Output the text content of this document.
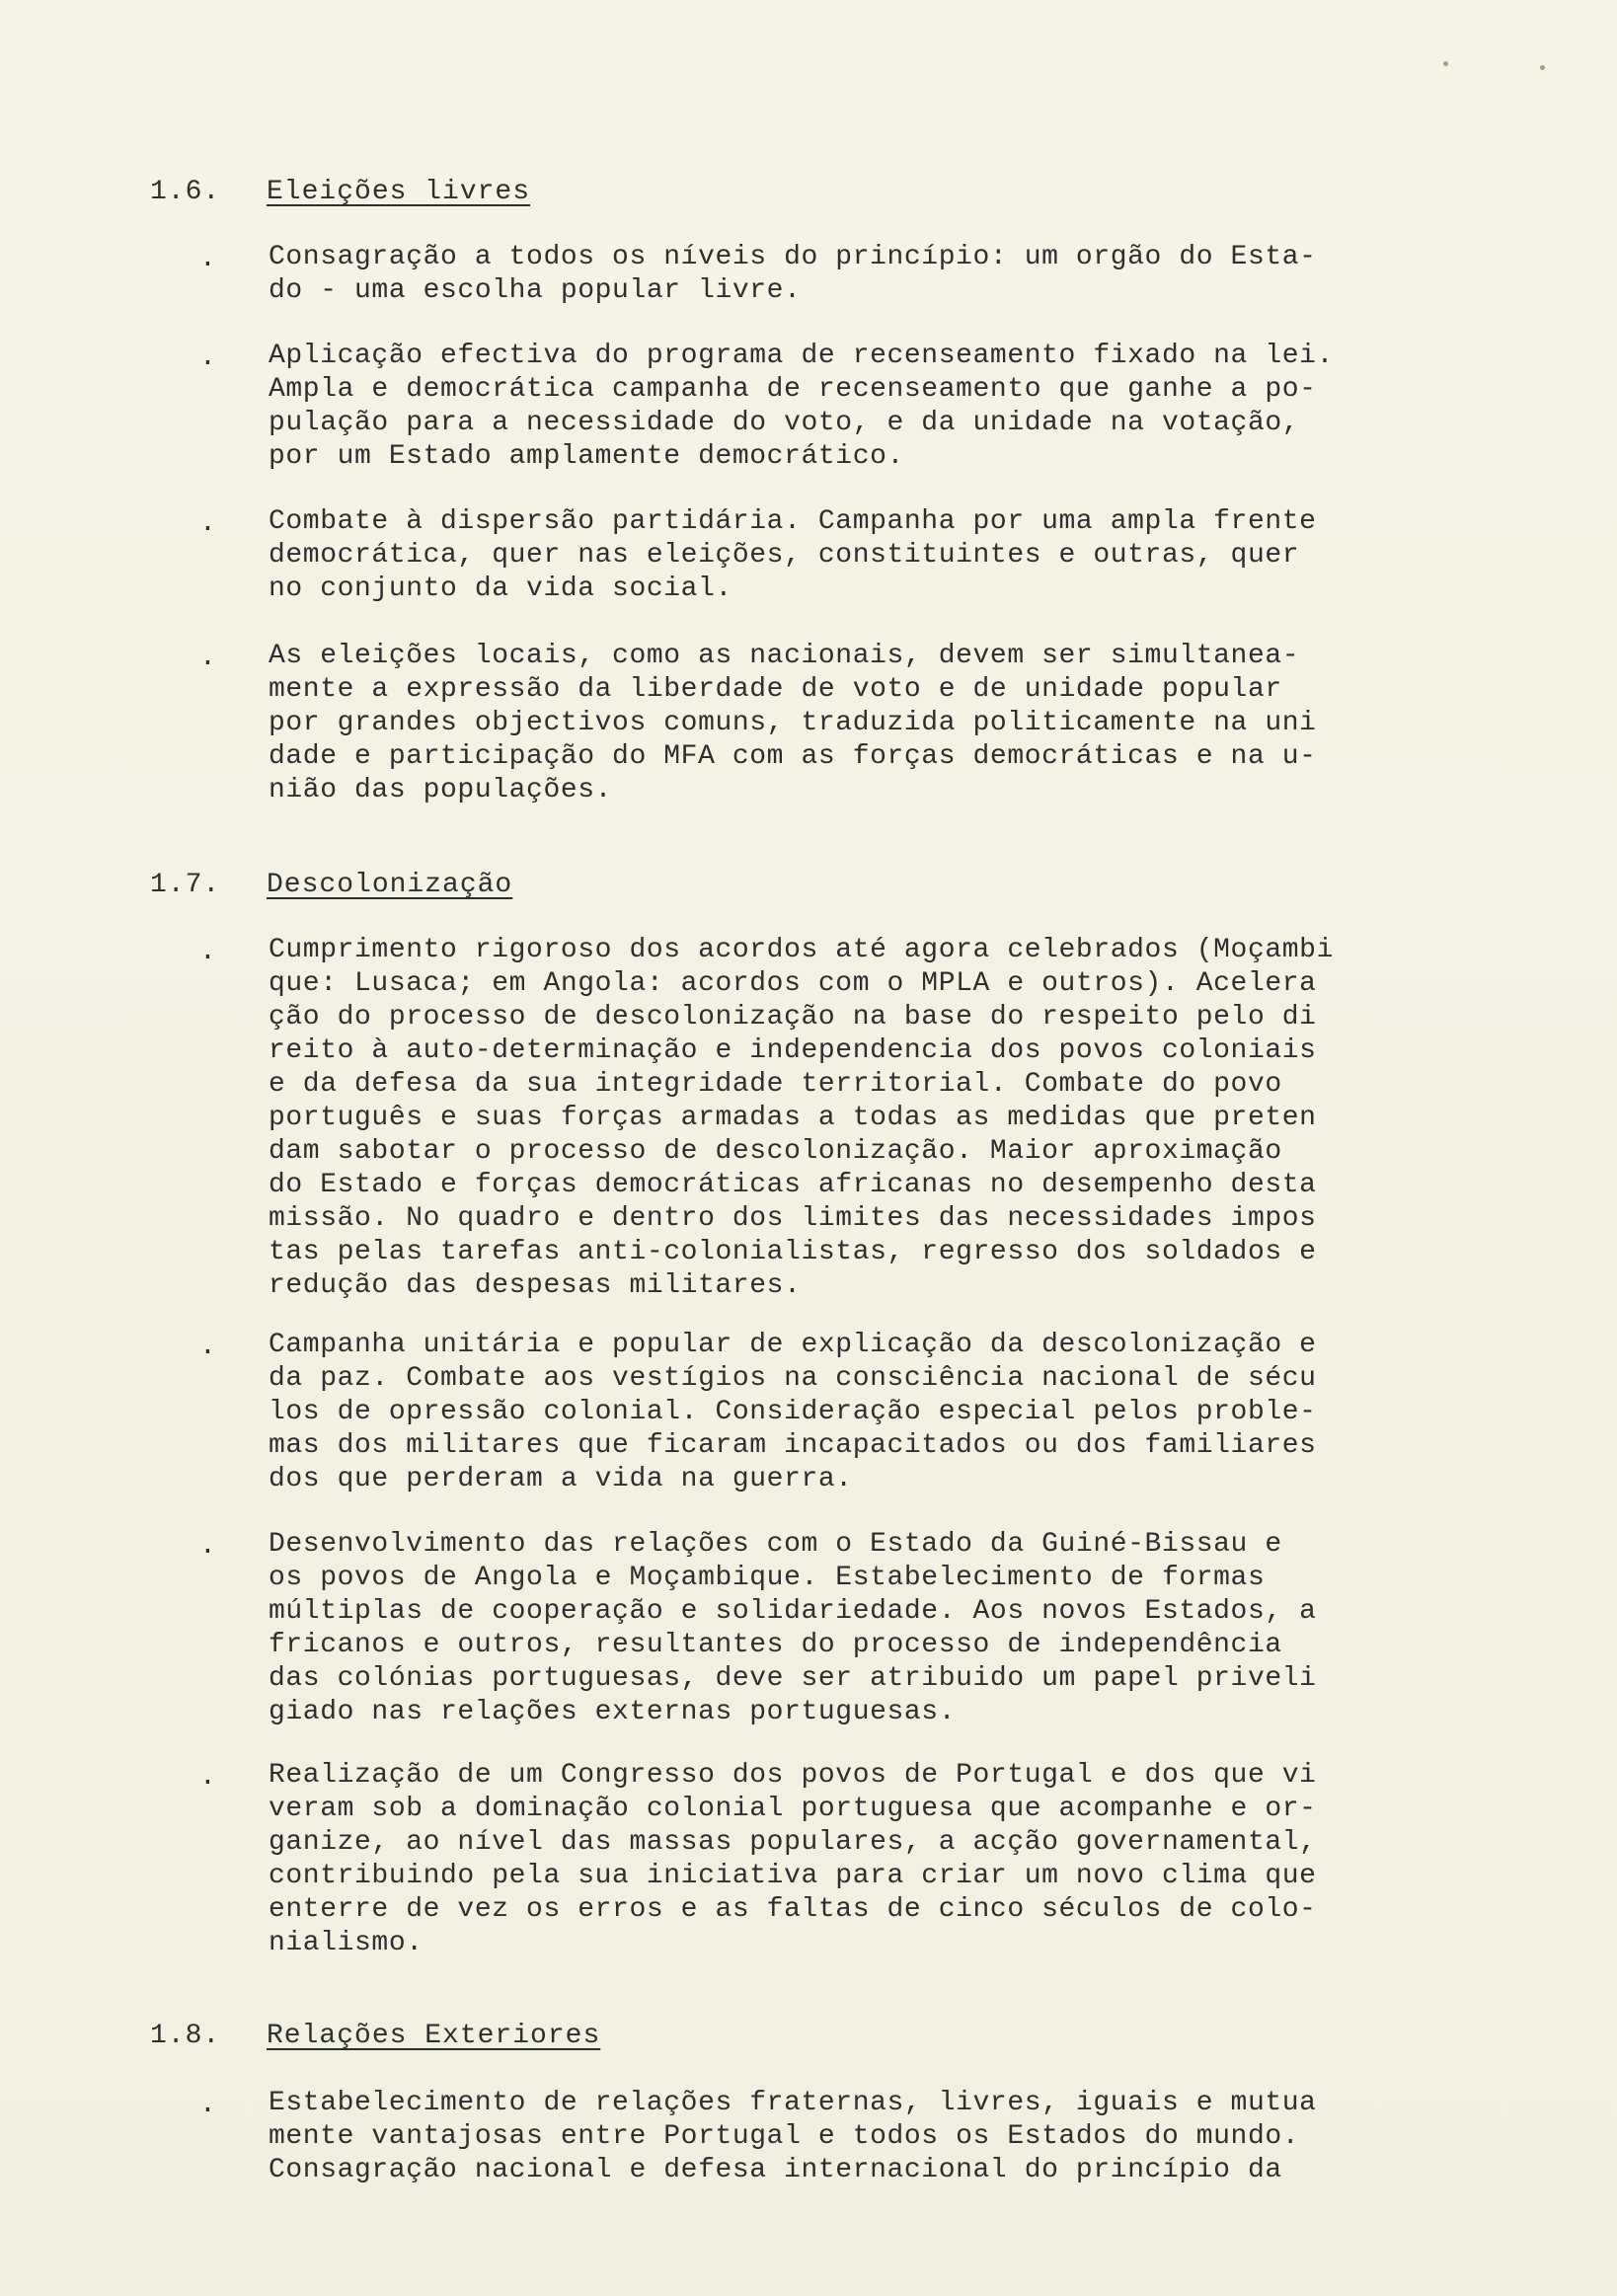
1.6. Eleições livres
. Consagração a todos os níveis do princípio: um orgão do Esta-
do - uma escolha popular livre.
. Aplicação efectiva do programa de recenseamento fixado na lei.
Ampla e democrática campanha de recenseamento que ganhe a po-
pulação para a necessidade do voto, e da unidade na votação,
por um Estado amplamente democrático.
. Combate à dispersão partidária. Campanha por uma ampla frente
democrática, quer nas eleições, constituintes e outras, quer
no conjunto da vida social.
. As eleições locais, como as nacionais, devem ser simultanea-
mente a expressão da liberdade de voto e de unidade popular
por grandes objectivos comuns, traduzida politicamente na uni
dade e participação do MFA com as forças democráticas e na u-
nião das populações.
1.7. Descolonização
. Cumprimento rigoroso dos acordos até agora celebrados (Moçambi
que: Lusaca; em Angola: acordos com o MPLA e outros). Acelera
ção do processo de descolonização na base do respeito pelo di
reito à auto-determinação e independencia dos povos coloniais
e da defesa da sua integridade territorial. Combate do povo
português e suas forças armadas a todas as medidas que preten
dam sabotar o processo de descolonização. Maior aproximação
do Estado e forças democráticas africanas no desempenho desta
missão. No quadro e dentro dos limites das necessidades impos
tas pelas tarefas anti-colonialistas, regresso dos soldados e
redução das despesas militares.
. Campanha unitária e popular de explicação da descolonização e
da paz. Combate aos vestígios na consciência nacional de sécu
los de opressão colonial. Consideração especial pelos proble-
mas dos militares que ficaram incapacitados ou dos familiares
dos que perderam a vida na guerra.
. Desenvolvimento das relações com o Estado da Guiné-Bissau e
os povos de Angola e Moçambique. Estabelecimento de formas
múltiplas de cooperação e solidariedade. Aos novos Estados, a
fricanos e outros, resultantes do processo de independência
das colónias portuguesas, deve ser atribuido um papel priveli
giado nas relações externas portuguesas.
. Realização de um Congresso dos povos de Portugal e dos que vi
veram sob a dominação colonial portuguesa que acompanhe e or-
ganize, ao nível das massas populares, a acção governamental,
contribuindo pela sua iniciativa para criar um novo clima que
enterre de vez os erros e as faltas de cinco séculos de colo-
nialismo.
1.8. Relações Exteriores
. Estabelecimento de relações fraternas, livres, iguais e mutua
mente vantajosas entre Portugal e todos os Estados do mundo.
Consagração nacional e defesa internacional do princípio da
